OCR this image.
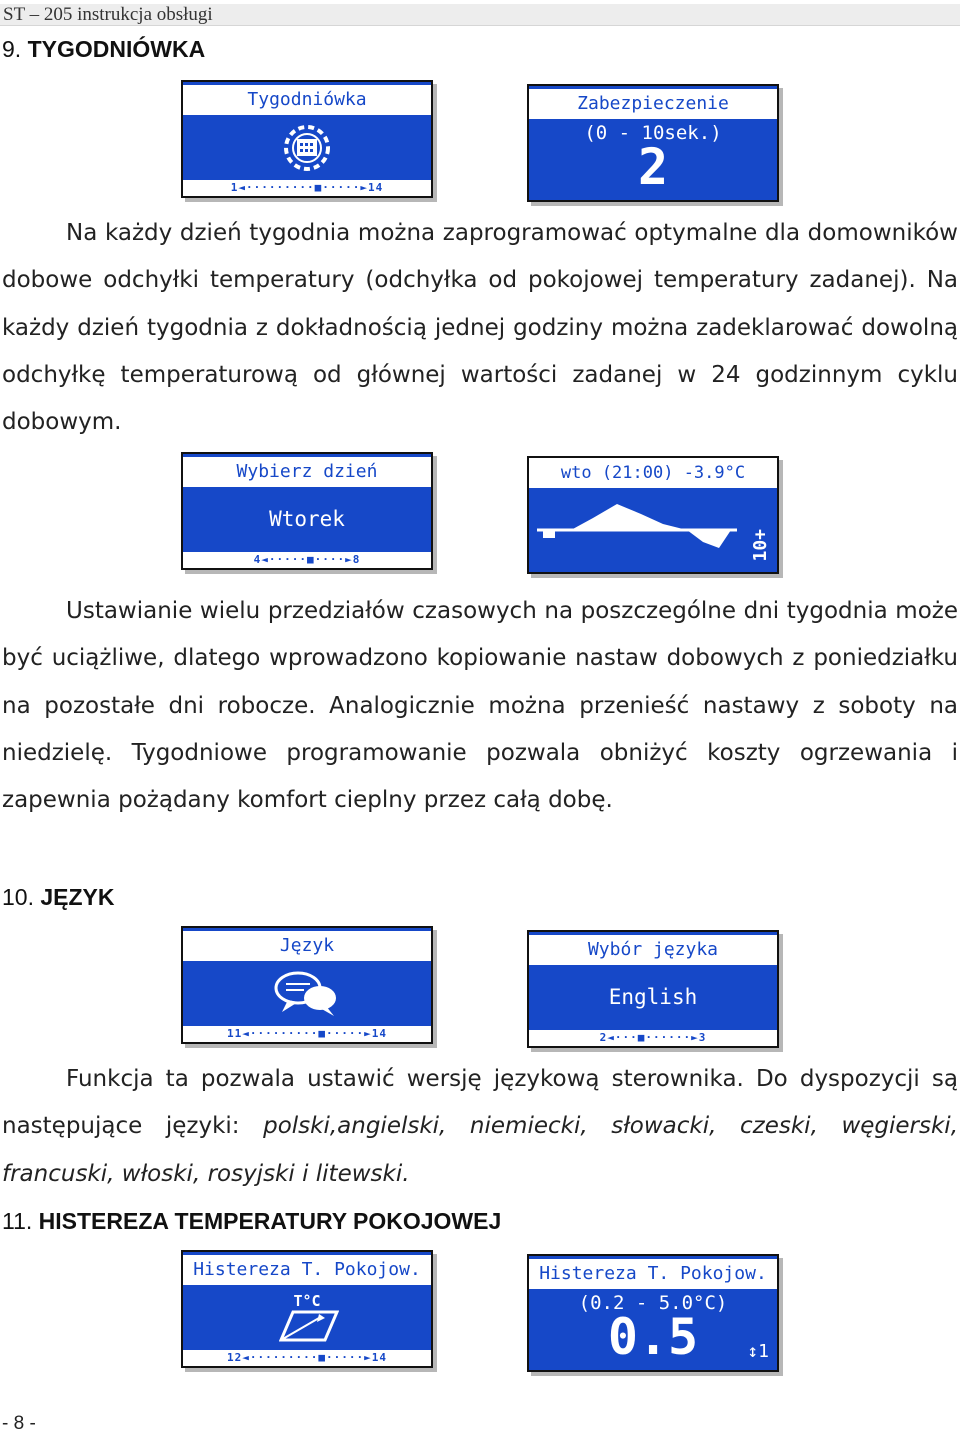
ST – 205 instrukcja obsługi
9. TYGODNIÓWKA
Tygodniówka
1◄·········■·····►14
Zabezpieczenie
(0 - 10sek.)
2

Na każdy dzień tygodnia można zaprogramować optymalne dla domowników dobowe odchyłki temperatury (odchyłka od pokojowej temperatury zadanej). Na każdy dzień tygodnia z dokładnością jednej godziny można zadeklarować dowolną odchyłkę temperaturową od głównej wartości zadanej w 24 godzinnym cyklu dobowym.

Wybierz dzień
Wtorek
4◄·····■····►8
wto (21:00) -3.9°C
10+

Ustawianie wielu przedziałów czasowych na poszczególne dni tygodnia może być uciążliwe, dlatego wprowadzono kopiowanie nastaw dobowych z poniedziałku na pozostałe dni robocze. Analogicznie można przenieść nastawy z soboty na niedzielę. Tygodniowe programowanie pozwala obniżyć koszty ogrzewania i zapewnia pożądany komfort cieplny przez całą dobę.

10. JĘZYK
Język
11◄·········■·····►14
Wybór języka
English
2◄···■······►3

Funkcja ta pozwala ustawić wersję językową sterownika. Do dyspozycji są następujące języki: polski,angielski, niemiecki, słowacki, czeski, węgierski, francuski, włoski, rosyjski i litewski.

11. HISTEREZA TEMPERATURY POKOJOWEJ
Histereza T. Pokojow.
T°C
12◄·········■·····►14
Histereza T. Pokojow.
(0.2 - 5.0°C)
0.5	↕1
- 8 -
